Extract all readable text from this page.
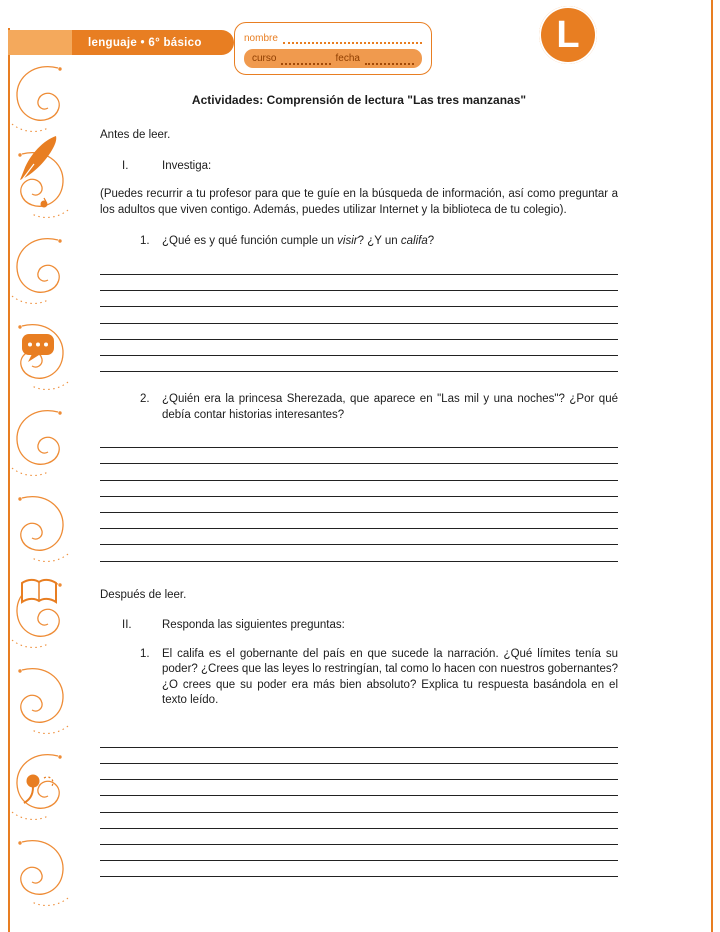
lenguaje • 6° básico	nombre
curso	fecha
L
Actividades: Comprensión de lectura "Las tres manzanas"

Antes de leer.

I.	Investiga:

(Puedes recurrir a tu profesor para que te guíe en la búsqueda de información, así como preguntar a los adultos que viven contigo. Además, puedes utilizar Internet y la biblioteca de tu colegio).

1.	¿Qué es y qué función cumple un visir? ¿Y un califa?
2.	¿Quién era la princesa Sherezada, que aparece en "Las mil y una noches"? ¿Por qué debía contar historias interesantes?

Después de leer.

II.	Responda las siguientes preguntas:
1.	El califa es el gobernante del país en que sucede la narración. ¿Qué límites tenía su poder? ¿Crees que las leyes lo restringían, tal como lo hacen con nuestros gobernantes? ¿O crees que su poder era más bien absoluto? Explica tu respuesta basándola en el texto leído.
